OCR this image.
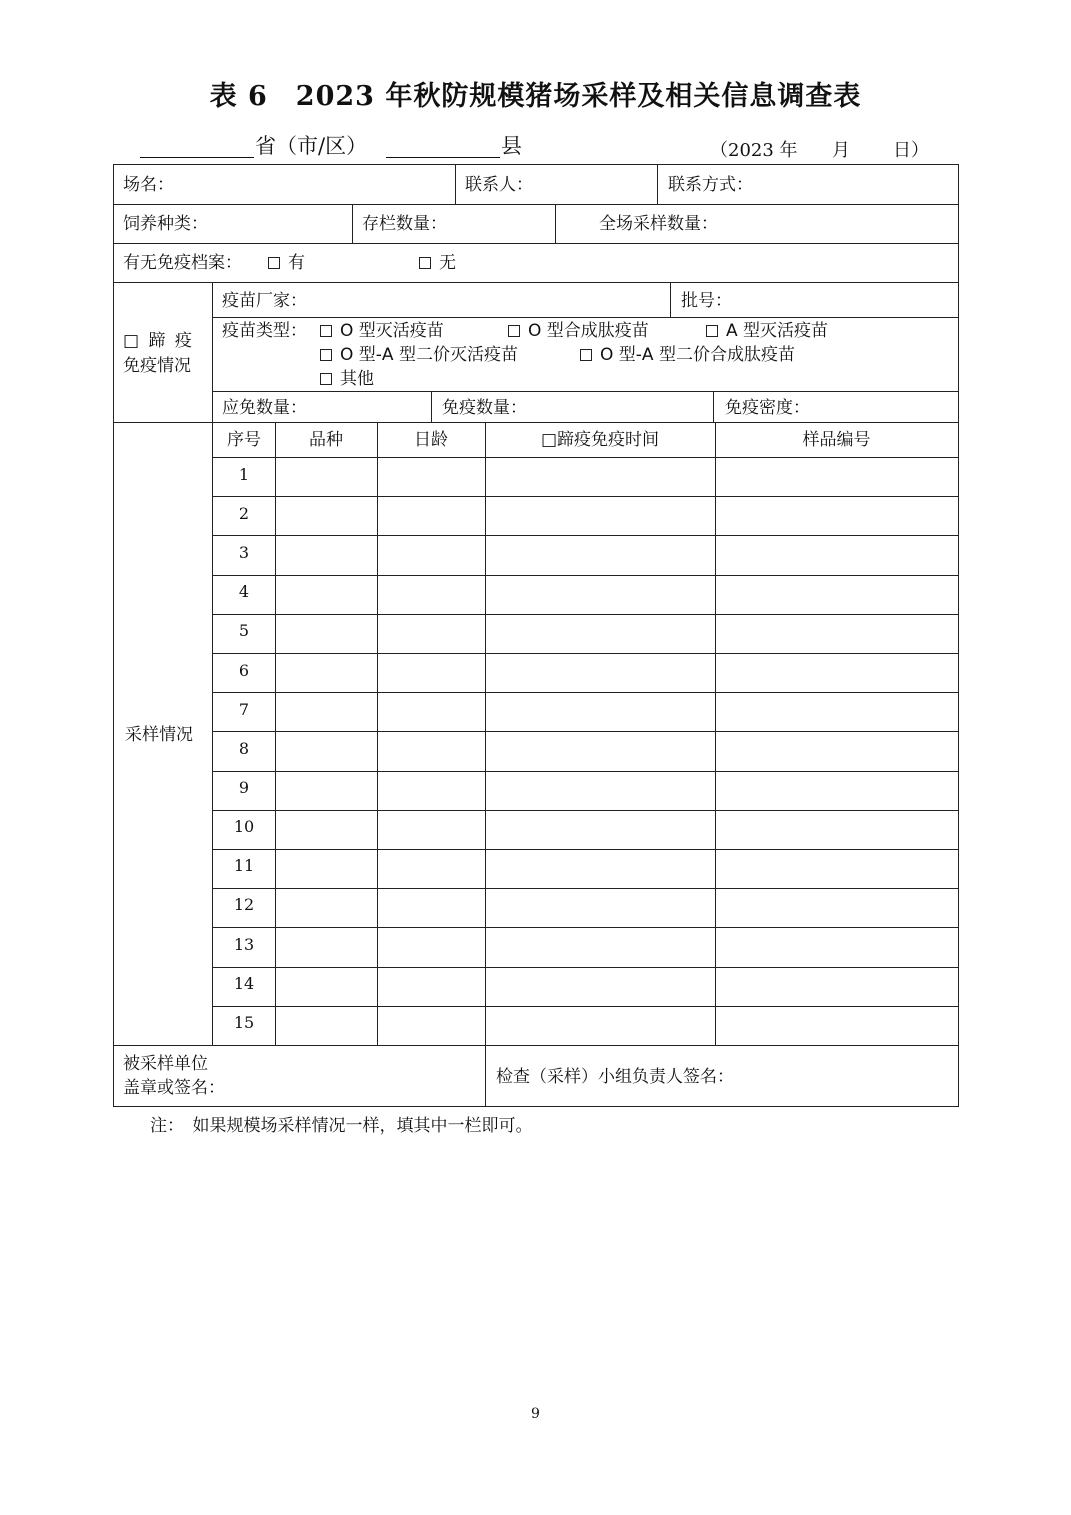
表 6　2023 年秋防规模猪场采样及相关信息调查表
省（市/区）	县	（2023 年 月 日）
场名：	联系人：	联系方式：
饲养种类：	存栏数量：	全场采样数量：
有无免疫档案：	有	无
□ 蹄 疫
免疫情况
疫苗厂家：	批号：
疫苗类型：	O 型灭活疫苗	O 型合成肽疫苗	A 型灭活疫苗
O 型-A 型二价灭活疫苗	O 型-A 型二价合成肽疫苗
其他
应免数量：	免疫数量：	免疫密度：
采样情况
序号	品种	日龄	□蹄疫免疫时间	样品编号
1
2
3
4
5
6
7
8
9
10
11
12
13
14
15
被采样单位
盖章或签名：
检查（采样）小组负责人签名：
注：　如果规模场采样情况一样，填其中一栏即可。
9
